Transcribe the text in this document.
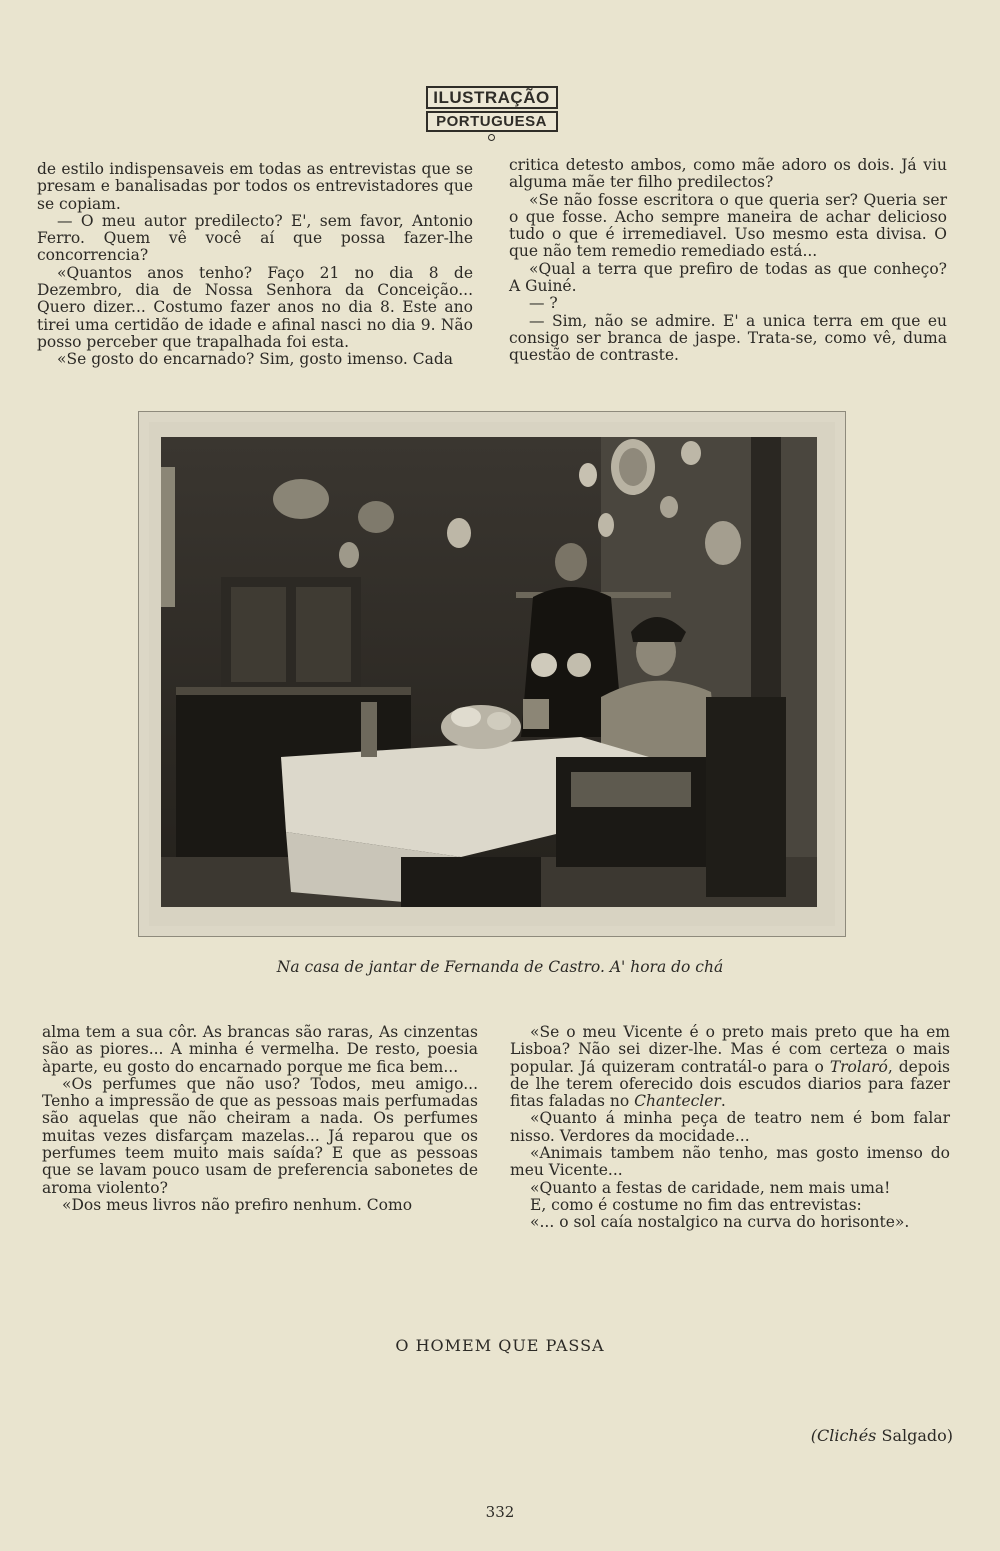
ILUSTRAÇÃO
PORTUGUESA

de estilo indispensaveis em todas as entrevistas que se presam e banalisadas por todos os entrevistadores que se copiam.

— O meu autor predilecto? E', sem favor, Antonio Ferro. Quem vê você aí que possa fazer-lhe concorrencia?

«Quantos anos tenho? Faço 21 no dia 8 de Dezembro, dia de Nossa Senhora da Conceição... Quero dizer... Costumo fazer anos no dia 8. Este ano tirei uma certidão de idade e afinal nasci no dia 9. Não posso perceber que trapalhada foi esta.

«Se gosto do encarnado? Sim, gosto imenso. Cada

critica detesto ambos, como mãe adoro os dois. Já viu alguma mãe ter filho predilectos?

«Se não fosse escritora o que queria ser? Queria ser o que fosse. Acho sempre maneira de achar delicioso tudo o que é irremediavel. Uso mesmo esta divisa. O que não tem remedio remediado está...

«Qual a terra que prefiro de todas as que conheço? A Guiné.

— ?

— Sim, não se admire. E' a unica terra em que eu consigo ser branca de jaspe. Trata-se, como vê, duma questão de contraste.

Na casa de jantar de Fernanda de Castro. A' hora do chá

alma tem a sua côr. As brancas são raras, As cinzentas são as piores... A minha é vermelha. De resto, poesia àparte, eu gosto do encarnado porque me fica bem...

«Os perfumes que não uso? Todos, meu amigo... Tenho a impressão de que as pessoas mais perfumadas são aquelas que não cheiram a nada. Os perfumes muitas vezes disfarçam mazelas... Já reparou que os perfumes teem muito mais saída? E que as pessoas que se lavam pouco usam de preferencia sabonetes de aroma violento?

«Dos meus livros não prefiro nenhum. Como

«Se o meu Vicente é o preto mais preto que ha em Lisboa? Não sei dizer-lhe. Mas é com certeza o mais popular. Já quizeram contratál-o para o Trolaró, depois de lhe terem oferecido dois escudos diarios para fazer fitas faladas no Chantecler.

«Quanto á minha peça de teatro nem é bom falar nisso. Verdores da mocidade...

«Animais tambem não tenho, mas gosto imenso do meu Vicente...

«Quanto a festas de caridade, nem mais uma!

E, como é costume no fim das entrevistas:

«... o sol caía nostalgico na curva do horisonte».

O HOMEM QUE PASSA
(Clichés Salgado)
332
